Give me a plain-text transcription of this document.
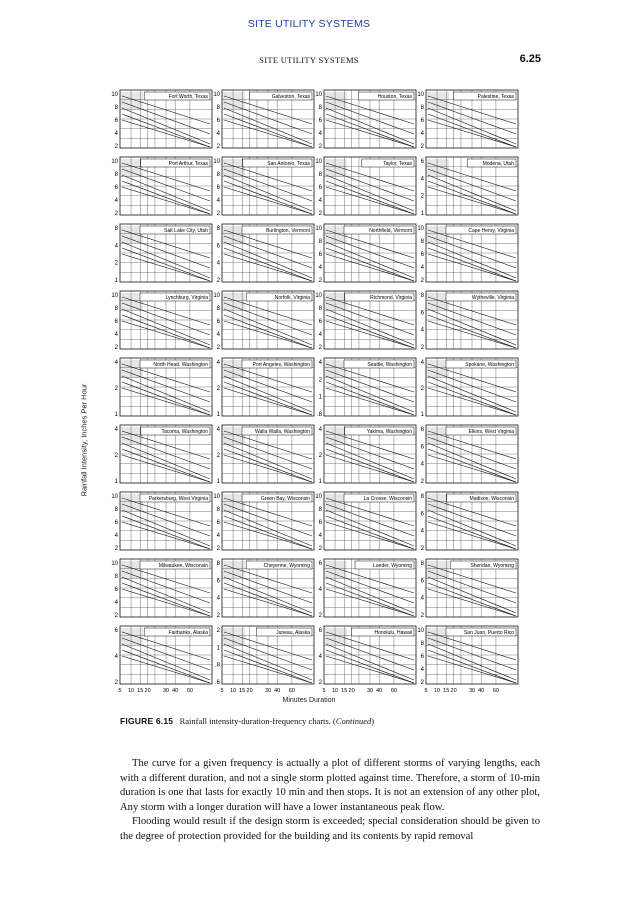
SITE UTILITY SYSTEMS
SITE UTILITY SYSTEMS	6.25
Fort Worth, Texas
10
8
6
4
2
Galveston, Texas
10
8
6
4
2
Houston, Texas
10
8
6
4
2
Palestine, Texas
10
8
6
4
2
Port Arthur, Texas
10
8
6
4
2
San Antonio, Texas
10
8
6
4
2
Taylor, Texas
10
8
6
4
2
Modena, Utah
6
4
2
1
Salt Lake City, Utah
8
4
2
1
Burlington, Vermont
8
6
4
2
Northfield, Vermont
10
8
6
4
2
Cape Henry, Virginia
10
8
6
4
2
Lynchburg, Virginia
10
8
6
4
2
Norfolk, Virginia
10
8
6
4
2
Richmond, Virginia
10
8
6
4
2
Wytheville, Virginia
8
6
4
2
North Head, Washington
4
2
1
Port Angeles, Washington
4
2
1
Seattle, Washington
4
2
1
.8
Spokane, Washington
4
2
1
Tacoma, Washington
4
2
1
Walla Walla, Washington
4
2
1
Yakima, Washington
4
2
1
Elkins, West Virginia
8
6
4
2
Parkersburg, West Virginia
10
8
6
4
2
Green Bay, Wisconsin
10
8
6
4
2
La Crosse, Wisconsin
10
8
6
4
2
Madison, Wisconsin
8
6
4
2
Milwaukee, Wisconsin
10
8
6
4
2
Cheyenne, Wyoming
8
6
4
2
Lander, Wyoming
6
4
2
Sheridan, Wyoming
8
6
4
2
Fairbanks, Alaska
6
4
2
Juneau, Alaska
2
1
.8
.6
Honolulu, Hawaii
6
4
2
San Juan, Puerto Rico
10
8
6
4
2
5 10 15 20 30 40 60	5 10 15 20 30 40 60	5 10 15 20 30 40 60	5 10 15 20 30 40 60
Rainfall Intensity, Inches Per Hour
Minutes Duration
FIGURE 6.15 Rainfall intensity-duration-frequency charts. (Continued)

The curve for a given frequency is actually a plot of different storms of varying lengths, each with a different duration, and not a single storm plotted against time. Therefore, a storm of 10-min duration is one that lasts for exactly 10 min and then stops. It is not an extension of any other plot, Any storm with a longer duration will have a lower instantaneous peak flow.

Flooding would result if the design storm is exceeded; special consideration should be given to the degree of protection provided for the building and its contents by rapid removal
